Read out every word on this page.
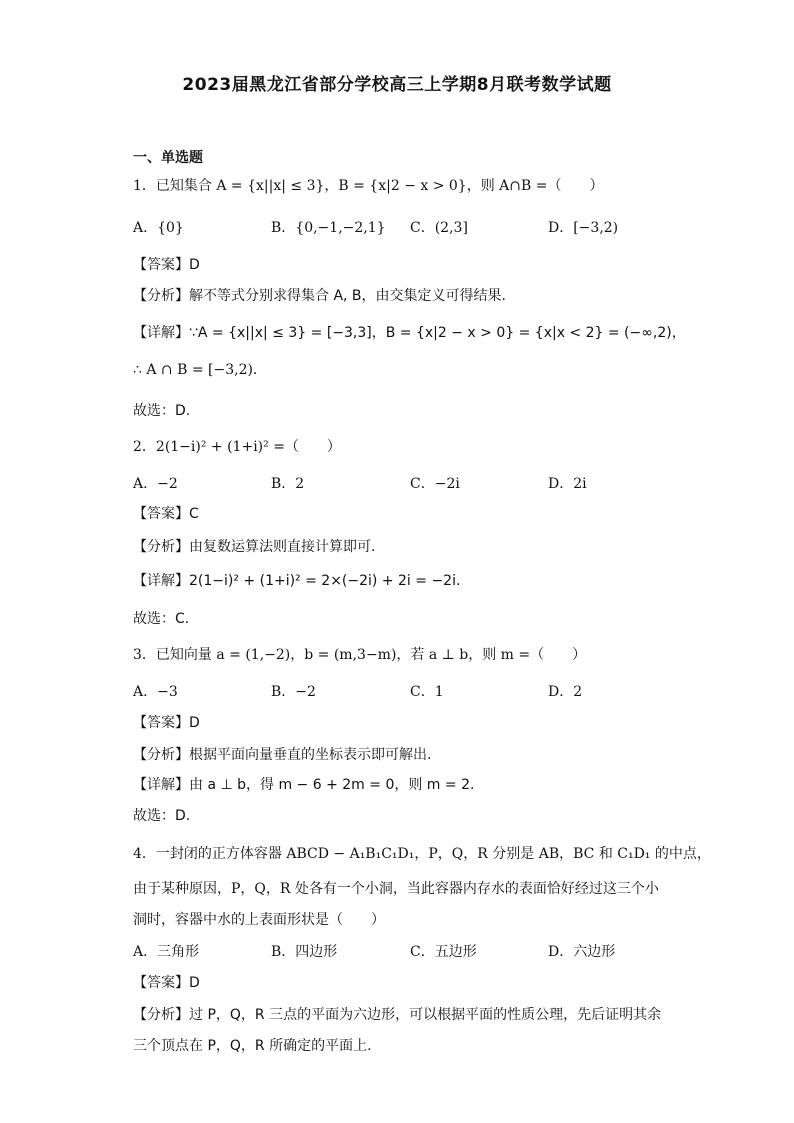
2023届黑龙江省部分学校高三上学期8月联考数学试题
一、单选题
1．已知集合 A = {x||x| ≤ 3}，B = {x|2 − x > 0}，则 A∩B =（　　）
A．{0}	B．{0,−1,−2,1} C．(2,3]	D．[−3,2)
【答案】D
【分析】解不等式分别求得集合 A, B，由交集定义可得结果.
【详解】∵A = {x||x| ≤ 3} = [−3,3]，B = {x|2 − x > 0} = {x|x < 2} = (−∞,2)，
∴ A ∩ B = [−3,2).
故选：D.
2．2(1−i)² + (1+i)² =（　　）
A．−2	B．2	C．−2i	D．2i
【答案】C
【分析】由复数运算法则直接计算即可.
【详解】2(1−i)² + (1+i)² = 2×(−2i) + 2i = −2i.
故选：C.
3．已知向量 a = (1,−2)，b = (m,3−m)，若 a ⊥ b，则 m =（　　）
A．−3	B．−2	C．1	D．2
【答案】D
【分析】根据平面向量垂直的坐标表示即可解出.
【详解】由 a ⊥ b，得 m − 6 + 2m = 0，则 m = 2.
故选：D.
4．一封闭的正方体容器 ABCD − A₁B₁C₁D₁，P，Q，R 分别是 AB，BC 和 C₁D₁ 的中点，
由于某种原因，P，Q，R 处各有一个小洞，当此容器内存水的表面恰好经过这三个小
洞时，容器中水的上表面形状是（　　）
A．三角形	B．四边形	C．五边形	D．六边形
【答案】D
【分析】过 P，Q，R 三点的平面为六边形，可以根据平面的性质公理，先后证明其余
三个顶点在 P，Q，R 所确定的平面上.
